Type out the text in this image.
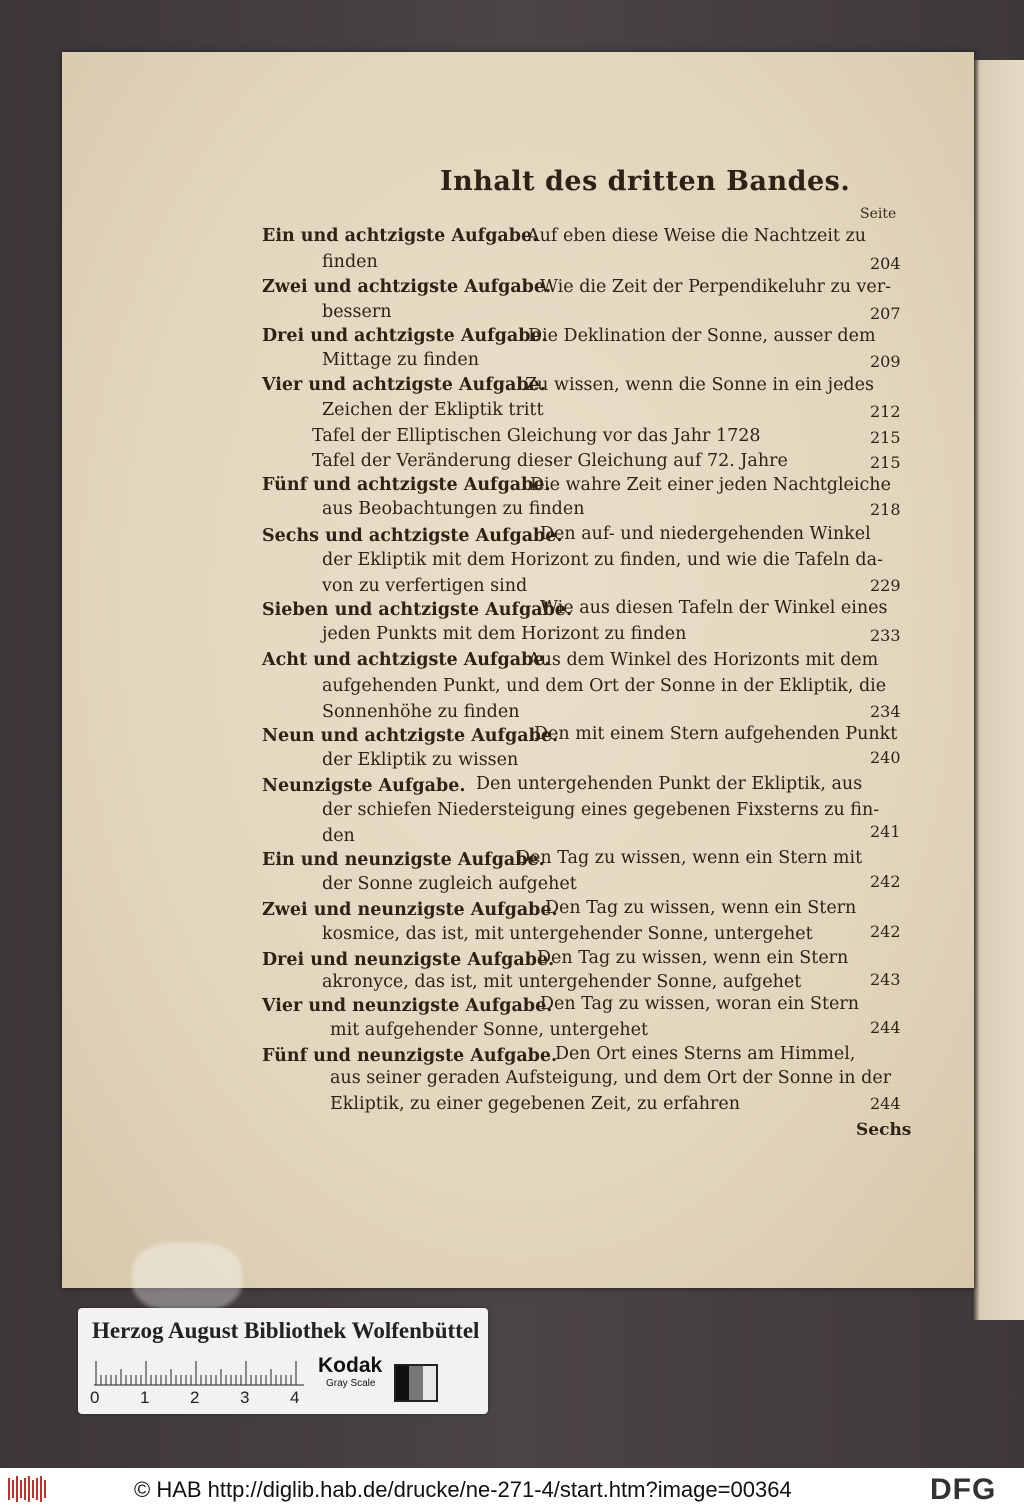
Inhalt des dritten Bandes.
Seite
Ein und achtzigste Aufgabe.
Auf eben diese Weise die Nachtzeit zu
finden	204
Zwei und achtzigste Aufgabe.
Wie die Zeit der Perpendikeluhr zu ver-
bessern	207
Drei und achtzigste Aufgabe.
Die Deklination der Sonne, ausser dem
Mittage zu finden	209
Vier und achtzigste Aufgabe.
Zu wissen, wenn die Sonne in ein jedes
Zeichen der Ekliptik tritt	212
Tafel der Elliptischen Gleichung vor das Jahr 1728	215
Tafel der Veränderung dieser Gleichung auf 72. Jahre	215
Fünf und achtzigste Aufgabe.
Die wahre Zeit einer jeden Nachtgleiche
aus Beobachtungen zu finden	218
Sechs und achtzigste Aufgabe.
Den auf- und niedergehenden Winkel
der Ekliptik mit dem Horizont zu finden, und wie die Tafeln da-
von zu verfertigen sind	229
Sieben und achtzigste Aufgabe.
Wie aus diesen Tafeln der Winkel eines
jeden Punkts mit dem Horizont zu finden	233
Acht und achtzigste Aufgabe.
Aus dem Winkel des Horizonts mit dem
aufgehenden Punkt, und dem Ort der Sonne in der Ekliptik, die
Sonnenhöhe zu finden	234
Neun und achtzigste Aufgabe.
Den mit einem Stern aufgehenden Punkt
der Ekliptik zu wissen	240
Neunzigste Aufgabe. Den untergehenden Punkt der Ekliptik, aus
der schiefen Niedersteigung eines gegebenen Fixsterns zu fin-
den	241
Ein und neunzigste Aufgabe.
Den Tag zu wissen, wenn ein Stern mit
der Sonne zugleich aufgehet	242
Zwei und neunzigste Aufgabe.
Den Tag zu wissen, wenn ein Stern
kosmice, das ist, mit untergehender Sonne, untergehet	242
Drei und neunzigste Aufgabe.
Den Tag zu wissen, wenn ein Stern
akronyce, das ist, mit untergehender Sonne, aufgehet	243
Vier und neunzigste Aufgabe.
Den Tag zu wissen, woran ein Stern
mit aufgehender Sonne, untergehet	244
Fünf und neunzigste Aufgabe.
Den Ort eines Sterns am Himmel,
aus seiner geraden Aufsteigung, und dem Ort der Sonne in der
Ekliptik, zu einer gegebenen Zeit, zu erfahren	244
Sechs
Herzog August Bibliothek Wolfenbüttel
0 1 2 3 4
Kodak
Gray Scale
© HAB http://diglib.hab.de/drucke/ne-271-4/start.htm?image=00364	DFG
